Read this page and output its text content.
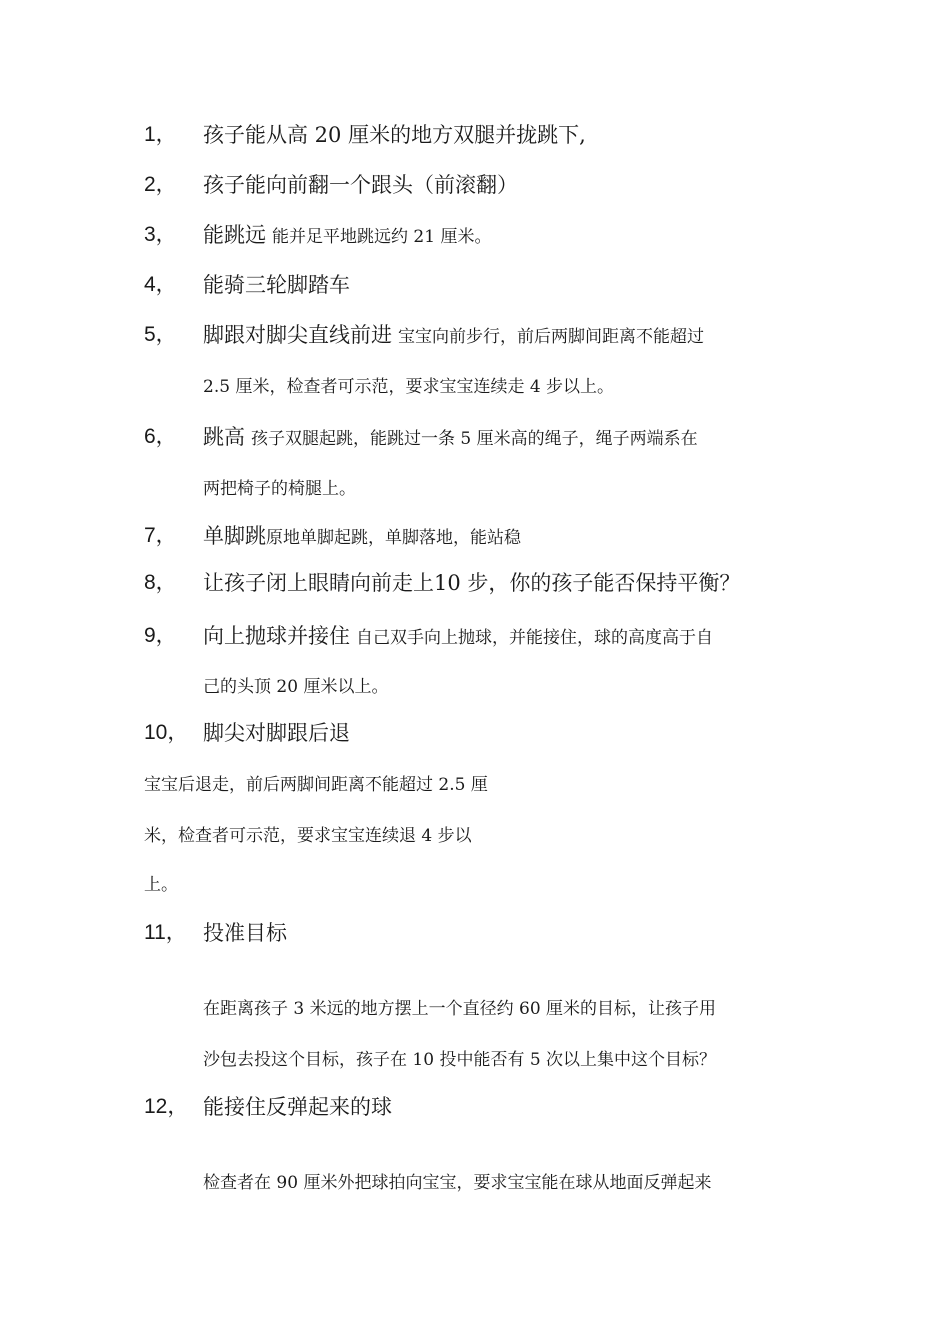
1， 孩子能从高 20 厘米的地方双腿并拢跳下,
2， 孩子能向前翻一个跟头（前滚翻）
3， 能跳远 能并足平地跳远约 21 厘米。
4， 能骑三轮脚踏车
5， 脚跟对脚尖直线前进 宝宝向前步行，前后两脚间距离不能超过
2.5 厘米，检查者可示范，要求宝宝连续走 4 步以上。
6， 跳高 孩子双腿起跳，能跳过一条 5 厘米高的绳子，绳子两端系在
两把椅子的椅腿上。
7， 单脚跳原地单脚起跳，单脚落地，能站稳
8， 让孩子闭上眼睛向前走上10 步，你的孩子能否保持平衡？
9， 向上抛球并接住 自己双手向上抛球，并能接住，球的高度高于自
己的头顶 20 厘米以上。
10， 脚尖对脚跟后退
宝宝后退走，前后两脚间距离不能超过 2.5 厘
米，检查者可示范，要求宝宝连续退 4 步以
上。
11， 投准目标
在距离孩子 3 米远的地方摆上一个直径约 60 厘米的目标，让孩子用
沙包去投这个目标，孩子在 10 投中能否有 5 次以上集中这个目标？
12， 能接住反弹起来的球
检查者在 90 厘米外把球拍向宝宝，要求宝宝能在球从地面反弹起来
